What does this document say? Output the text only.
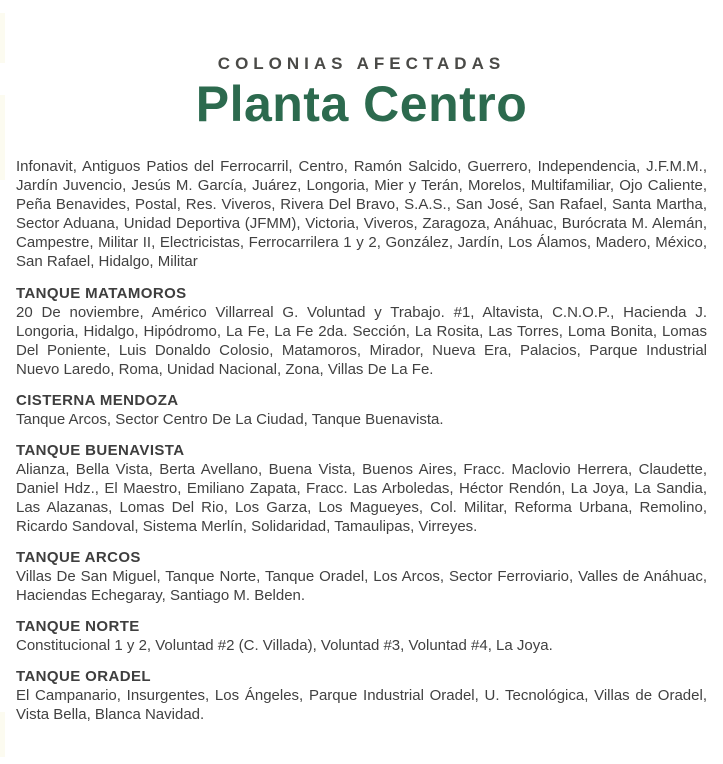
COLONIAS AFECTADAS
Planta Centro

Infonavit, Antiguos Patios del Ferrocarril, Centro, Ramón Salcido, Guerrero, Independencia, J.F.M.M., Jardín Juvencio, Jesús M. García, Juárez, Longoria, Mier y Terán, Morelos, Multifamiliar, Ojo Caliente, Peña Benavides, Postal, Res. Viveros, Rivera Del Bravo, S.A.S., San José, San Rafael, Santa Martha, Sector Aduana, Unidad Deportiva (JFMM), Victoria, Viveros, Zaragoza, Anáhuac, Burócrata M. Alemán, Campestre, Militar II, Electricistas, Ferrocarrilera 1 y 2, González, Jardín, Los Álamos, Madero, México, San Rafael, Hidalgo, Militar

TANQUE MATAMOROS

20 De noviembre, Américo Villarreal G. Voluntad y Trabajo. #1, Altavista, C.N.O.P., Hacienda J. Longoria, Hidalgo, Hipódromo, La Fe, La Fe 2da. Sección, La Rosita, Las Torres, Loma Bonita, Lomas Del Poniente, Luis Donaldo Colosio, Matamoros, Mirador, Nueva Era, Palacios, Parque Industrial Nuevo Laredo, Roma, Unidad Nacional, Zona, Villas De La Fe.

CISTERNA MENDOZA

Tanque Arcos, Sector Centro De La Ciudad, Tanque Buenavista.

TANQUE BUENAVISTA

Alianza, Bella Vista, Berta Avellano, Buena Vista, Buenos Aires, Fracc. Maclovio Herrera, Claudette, Daniel Hdz., El Maestro, Emiliano Zapata, Fracc. Las Arboledas, Héctor Rendón, La Joya, La Sandia, Las Alazanas, Lomas Del Rio, Los Garza, Los Magueyes, Col. Militar, Reforma Urbana, Remolino, Ricardo Sandoval, Sistema Merlín, Solidaridad, Tamaulipas, Virreyes.

TANQUE ARCOS

Villas De San Miguel, Tanque Norte, Tanque Oradel, Los Arcos, Sector Ferroviario, Valles de Anáhuac, Haciendas Echegaray, Santiago M. Belden.

TANQUE NORTE

Constitucional 1 y 2, Voluntad #2 (C. Villada), Voluntad #3, Voluntad #4, La Joya.

TANQUE ORADEL

El Campanario, Insurgentes, Los Ángeles, Parque Industrial Oradel, U. Tecnológica, Villas de Oradel, Vista Bella, Blanca Navidad.
